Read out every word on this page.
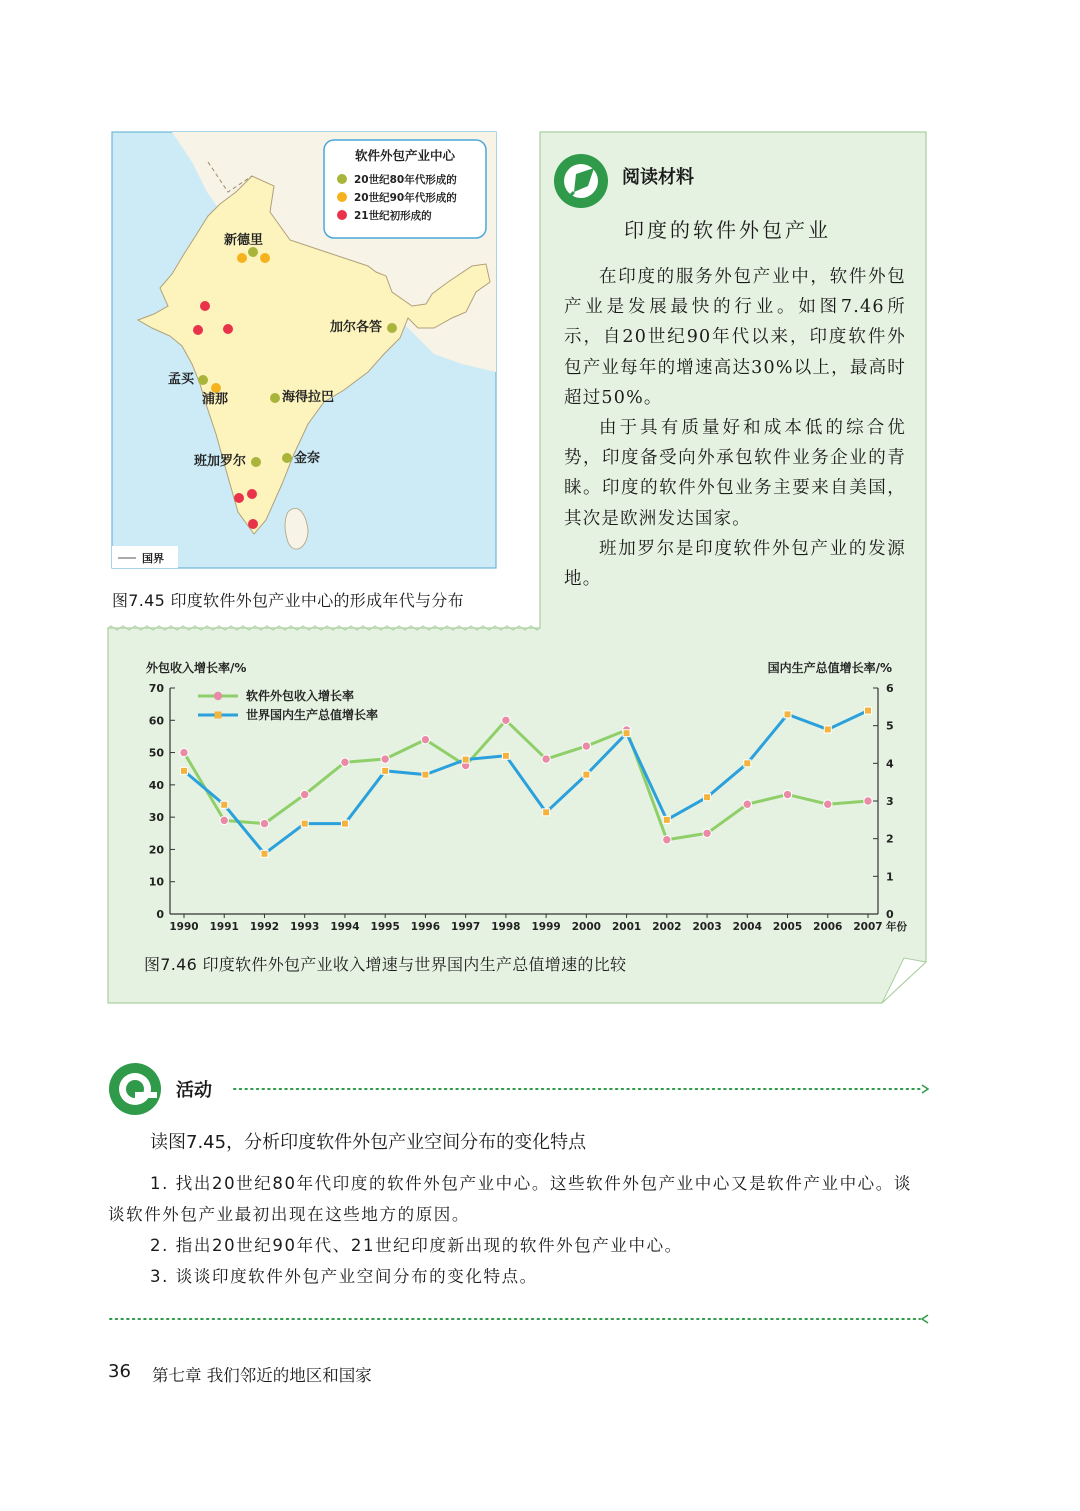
软件外包产业中心
20世纪80年代形成的
20世纪90年代形成的
21世纪初形成的
新德里
加尔各答
孟买
浦那	海得拉巴
班加罗尔	金奈
国界
图7.45 印度软件外包产业中心的形成年代与分布
阅读材料
印度的软件外包产业

在印度的服务外包产业中，软件外包产业是发展最快的行业。如图7.46所示，自20世纪90年代以来，印度软件外包产业每年的增速高达30%以上，最高时超过50%。

由于具有质量好和成本低的综合优势，印度备受向外承包软件业务企业的青睐。印度的软件外包业务主要来自美国，其次是欧洲发达国家。

班加罗尔是印度软件外包产业的发源地。

外包收入增长率/%	国内生产总值增长率/%
0
10
20
30
40
50
60
70
0
1
2
3
4
5
6
1990 1991 1992 1993 1994 1995 1996 1997 1998 1999 2000 2001 2002 2003 2004 2005 2006 2007 年份
软件外包收入增长率
世界国内生产总值增长率
图7.46 印度软件外包产业收入增速与世界国内生产总值增速的比较
活动
读图7.45，分析印度软件外包产业空间分布的变化特点

1. 找出20世纪80年代印度的软件外包产业中心。这些软件外包产业中心又是软件产业中心。谈谈软件外包产业最初出现在这些地方的原因。

2. 指出20世纪90年代、21世纪印度新出现的软件外包产业中心。

3. 谈谈印度软件外包产业空间分布的变化特点。

36 第七章 我们邻近的地区和国家
